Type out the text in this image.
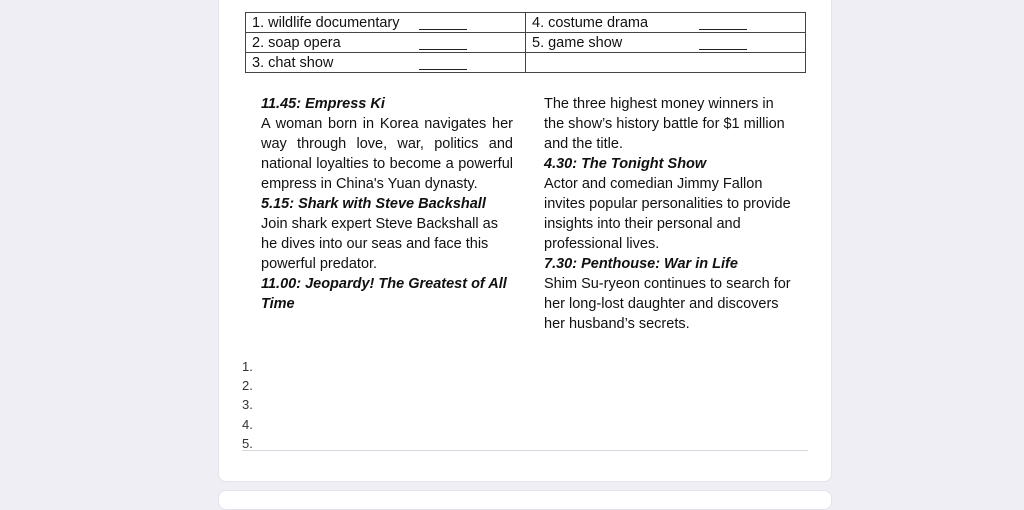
1. wildlife documentary	4. costume drama

2. soap opera	5. game show

3. chat show

11.45: Empress Ki
A woman born in Korea navigates her way through love, war, politics and national loyalties to become a powerful empress in China's Yuan dynasty.
5.15: Shark with Steve Backshall
Join shark expert Steve Backshall as he dives into our seas and face this powerful predator.
11.00: Jeopardy! The Greatest of All Time
The three highest money winners in the show’s history battle for $1 million and the title.
4.30: The Tonight Show
Actor and comedian Jimmy Fallon invites popular personalities to provide insights into their personal and professional lives.
7.30: Penthouse: War in Life
Shim Su-ryeon continues to search for her long-lost daughter and discovers her husband’s secrets.
1.
2.
3.
4.
5.
